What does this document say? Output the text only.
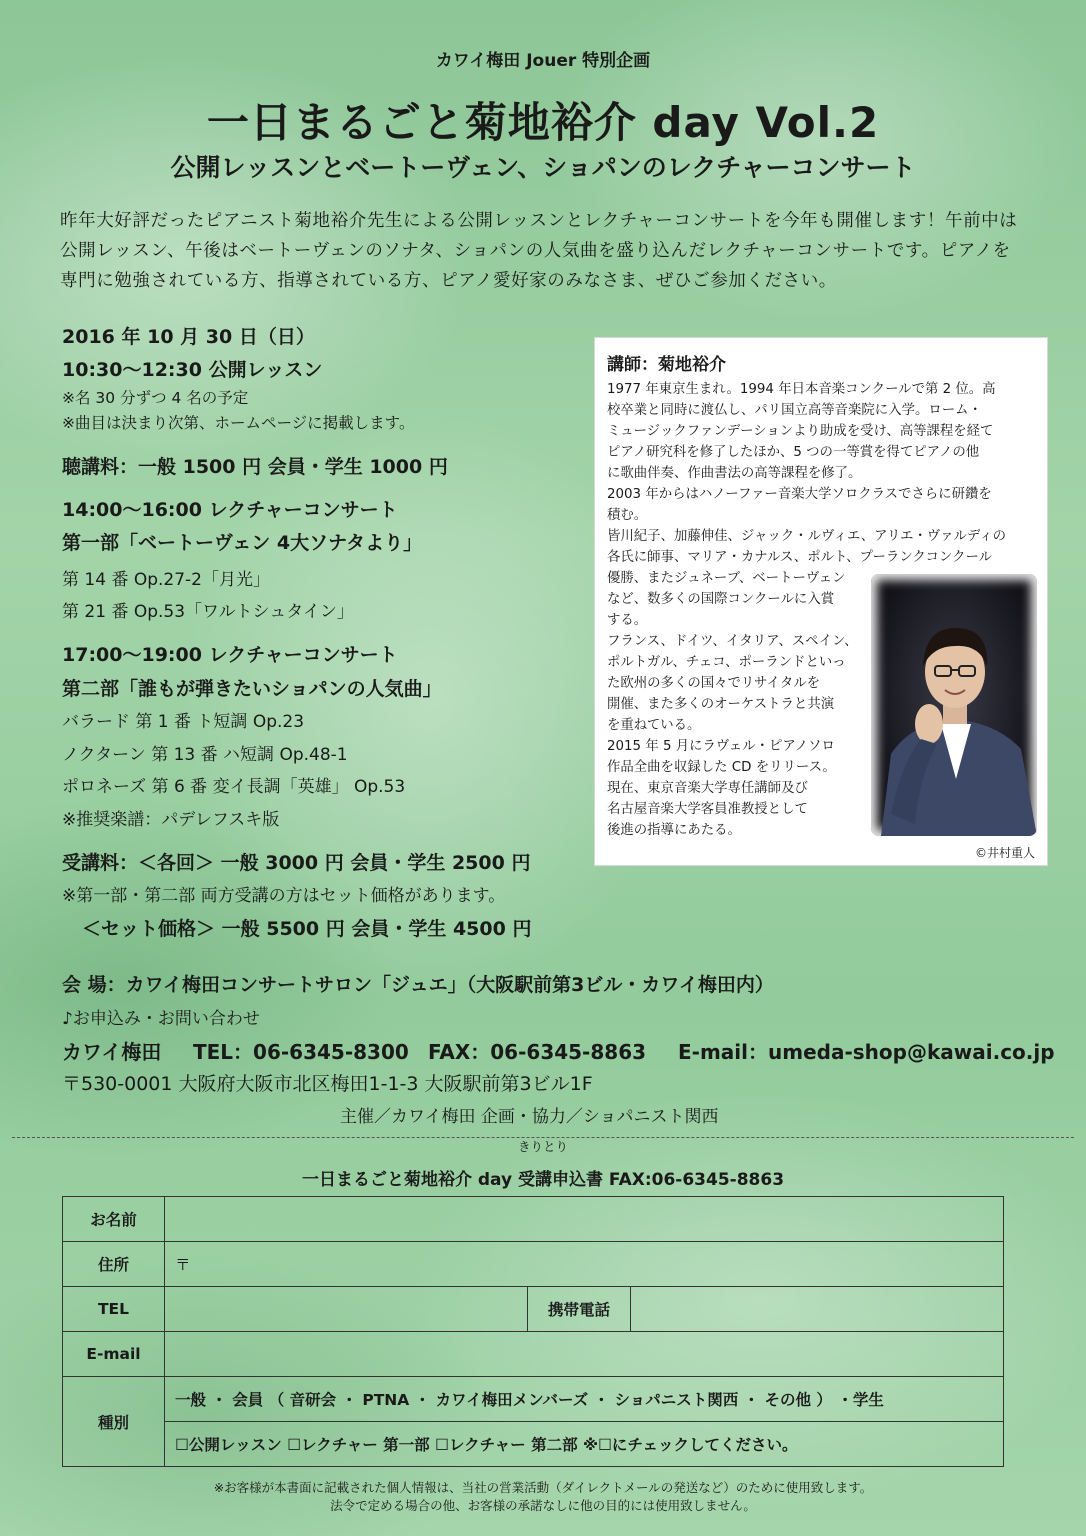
カワイ梅田 Jouer 特別企画
一日まるごと菊地裕介 day Vol.2
公開レッスンとベートーヴェン、ショパンのレクチャーコンサート
昨年大好評だったピアニスト菊地裕介先生による公開レッスンとレクチャーコンサートを今年も開催します！午前中は公開レッスン、午後はベートーヴェンのソナタ、ショパンの人気曲を盛り込んだレクチャーコンサートです。ピアノを専門に勉強されている方、指導されている方、ピアノ愛好家のみなさま、ぜひご参加ください。
2016 年 10 月 30 日（日）
10:30～12:30 公開レッスン
※名 30 分ずつ 4 名の予定
※曲目は決まり次第、ホームページに掲載します。
聴講料：一般 1500 円 会員・学生 1000 円
14:00～16:00 レクチャーコンサート
第一部「ベートーヴェン 4大ソナタより」
第 14 番 Op.27-2「月光」
第 21 番 Op.53「ワルトシュタイン」
17:00～19:00 レクチャーコンサート
第二部「誰もが弾きたいショパンの人気曲」
バラード 第 1 番 ト短調 Op.23
ノクターン 第 13 番 ハ短調 Op.48-1
ポロネーズ 第 6 番 変イ長調「英雄」 Op.53
※推奨楽譜：パデレフスキ版
受講料：＜各回＞ 一般 3000 円 会員・学生 2500 円
※第一部・第二部 両方受講の方はセット価格があります。
＜セット価格＞ 一般 5500 円 会員・学生 4500 円
講師：菊地裕介
1977 年東京生まれ。1994 年日本音楽コンクールで第 2 位。高
校卒業と同時に渡仏し、パリ国立高等音楽院に入学。ローム・
ミュージックファンデーションより助成を受け、高等課程を経て
ピアノ研究科を修了したほか、5 つの一等賞を得てピアノの他
に歌曲伴奏、作曲書法の高等課程を修了。
2003 年からはハノーファー音楽大学ソロクラスでさらに研鑽を
積む。
皆川紀子、加藤伸佳、ジャック・ルヴィエ、アリエ・ヴァルディの
各氏に師事、マリア・カナルス、ポルト、プーランクコンクール
優勝、またジュネーブ、ベートーヴェン
など、数多くの国際コンクールに入賞
する。
フランス、ドイツ、イタリア、スペイン、
ポルトガル、チェコ、ポーランドといっ
た欧州の多くの国々でリサイタルを
開催、また多くのオーケストラと共演
を重ねている。
2015 年 5 月にラヴェル・ピアノソロ
作品全曲を収録した CD をリリース。
現在、東京音楽大学専任講師及び
名古屋音楽大学客員准教授として
後進の指導にあたる。
©井村重人
会 場：カワイ梅田コンサートサロン「ジュエ」（大阪駅前第3ビル・カワイ梅田内）
♪お申込み・お問い合わせ
カワイ梅田 TEL：06-6345-8300 FAX：06-6345-8863 E-mail：umeda-shop@kawai.co.jp
〒530-0001 大阪府大阪市北区梅田1-1-3 大阪駅前第3ビル1F
主催／カワイ梅田 企画・協力／ショパニスト関西
きりとり
一日まるごと菊地裕介 day 受講申込書 FAX:06-6345-8863
お名前			
住所	〒		
TEL		携帯電話	
E-mail			
種別	一般 ・ 会員 （ 音研会 ・ PTNA ・ カワイ梅田メンバーズ ・ ショパニスト関西 ・ その他 ） ・学生		
	☐公開レッスン ☐レクチャー 第一部 ☐レクチャー 第二部 ※☐にチェックしてください。		
※お客様が本書面に記載された個人情報は、当社の営業活動（ダイレクトメールの発送など）のために使用致します。
法令で定める場合の他、お客様の承諾なしに他の目的には使用致しません。
